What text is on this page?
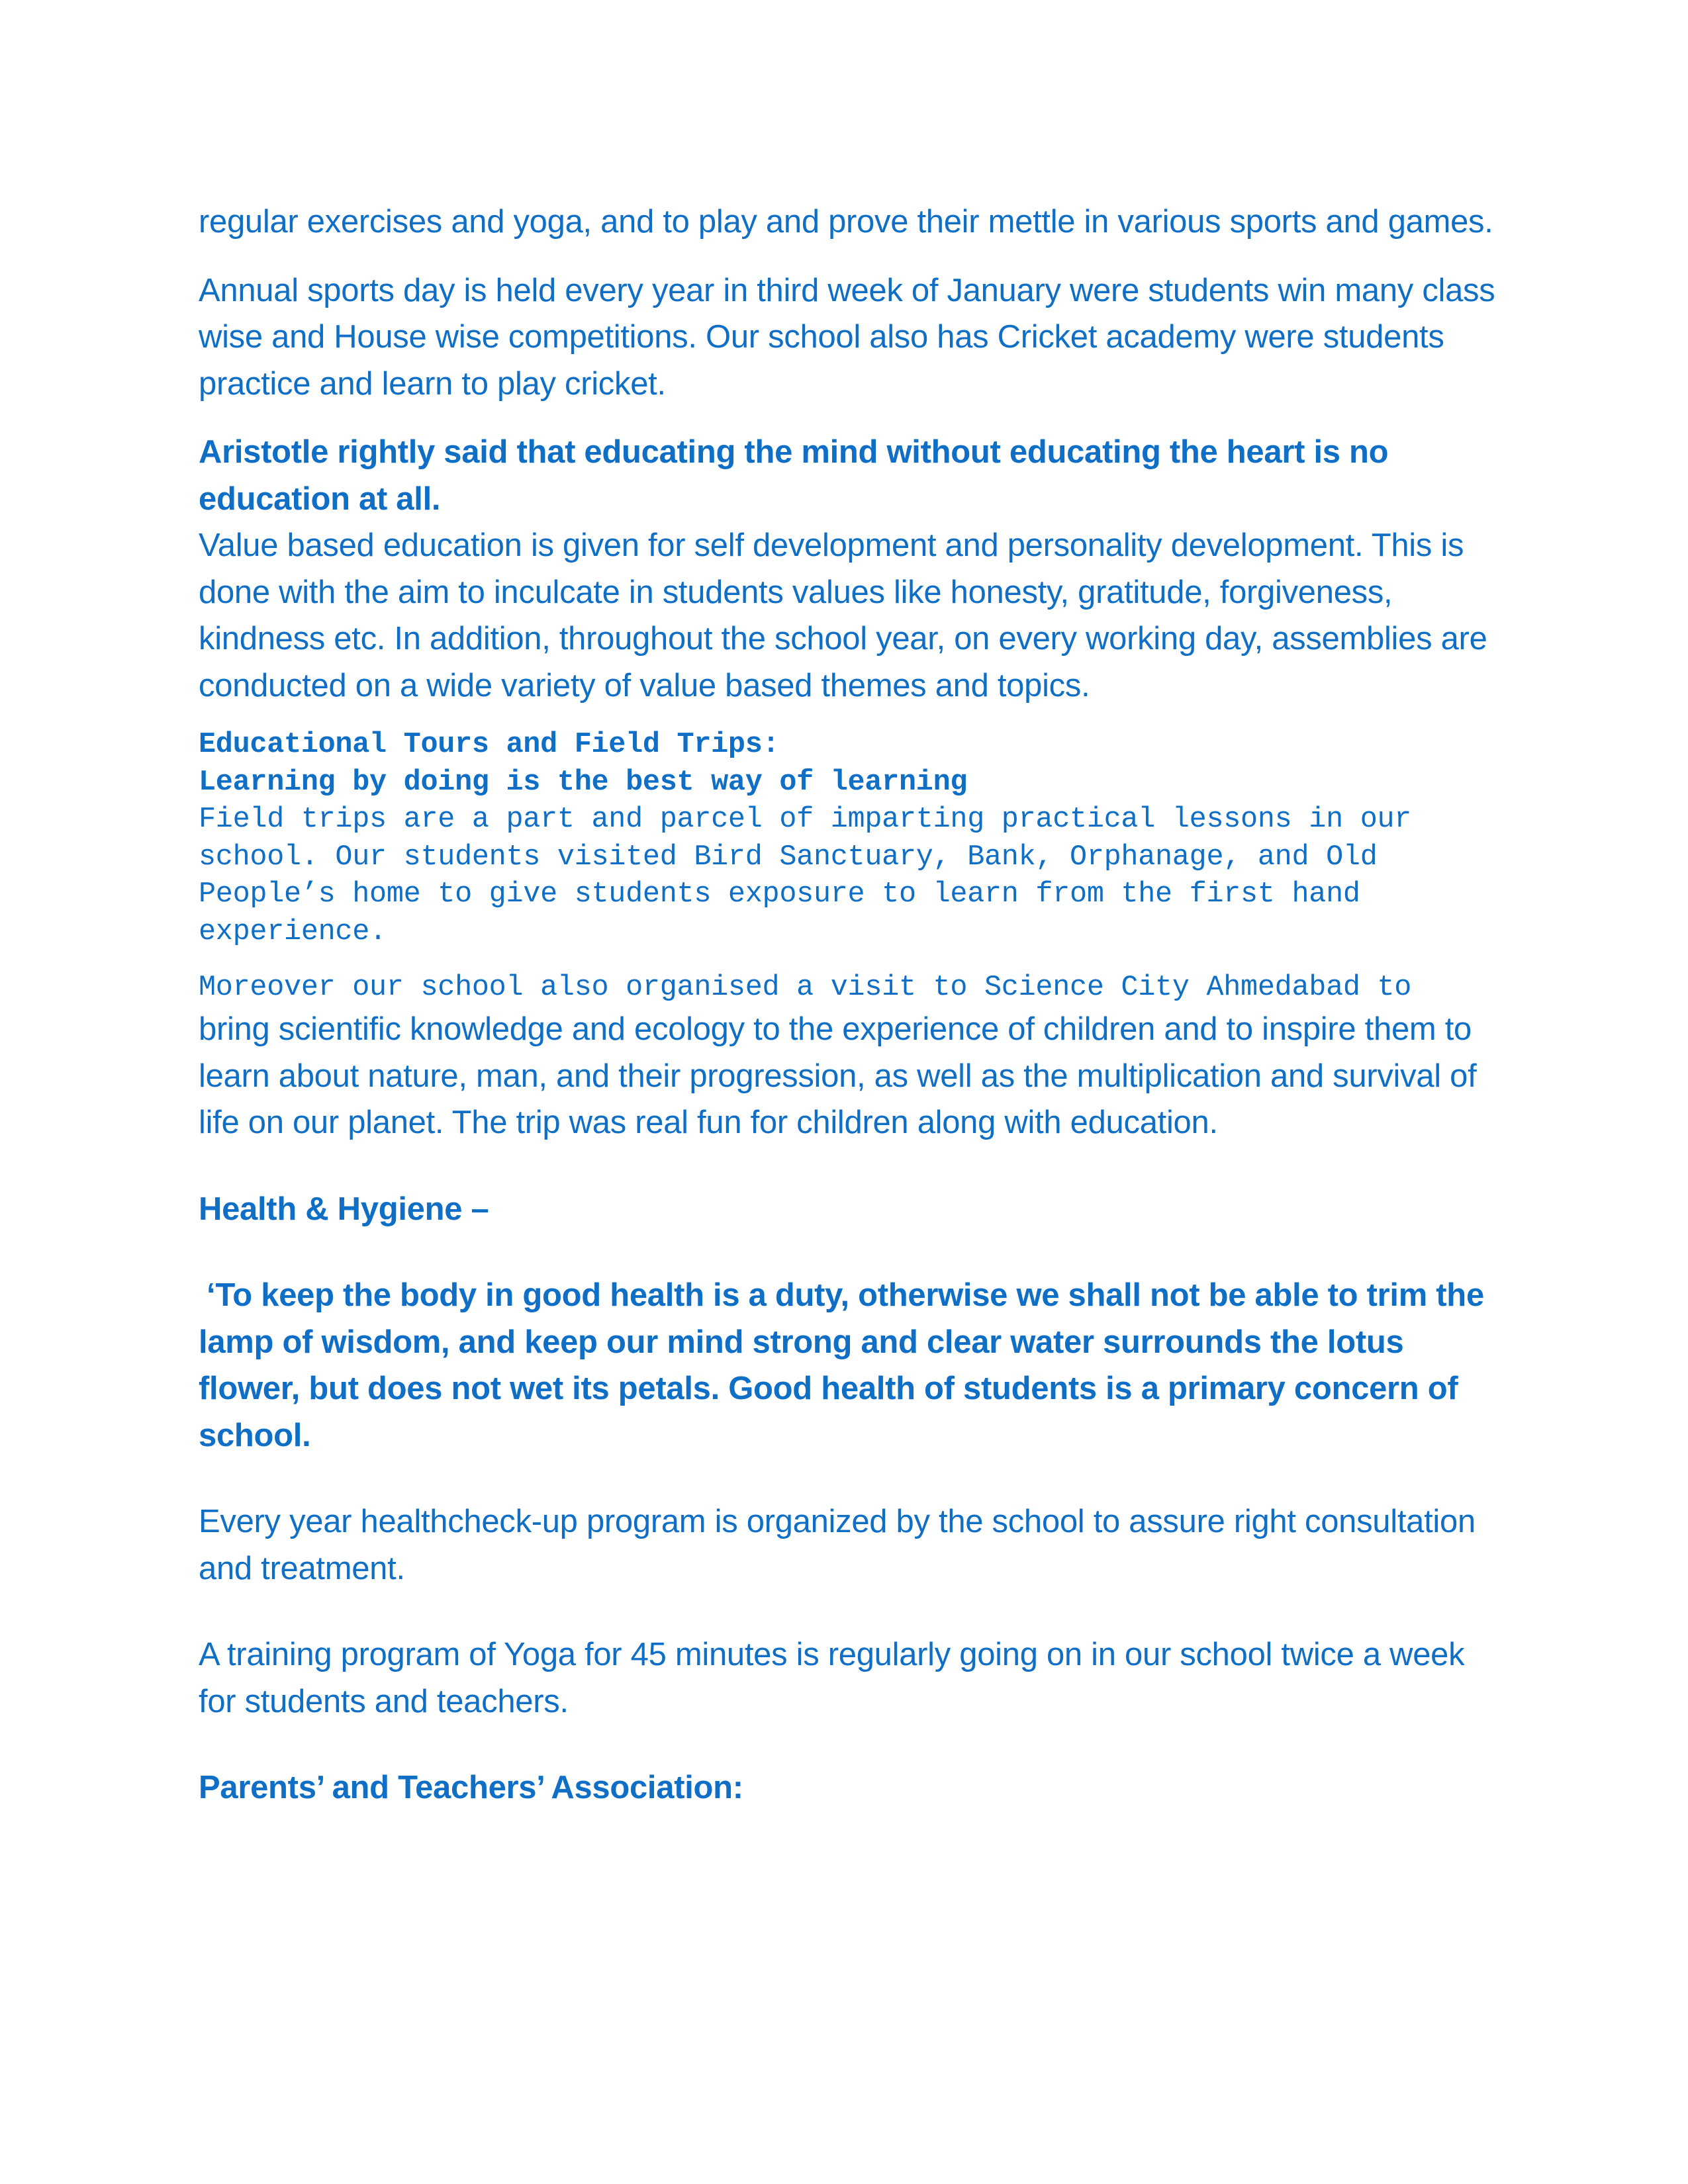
regular exercises and yoga, and to play and prove their mettle in various sports and games.

Annual sports day is held every year in third week of January were students win many class wise and House wise competitions. Our school also has Cricket academy were students practice and learn to play cricket.

Aristotle rightly said that educating the mind without educating the heart is no education at all.

Value based education is given for self development and personality development. This is done with the aim to inculcate in students values like honesty, gratitude, forgiveness, kindness etc. In addition, throughout the school year, on every working day, assemblies are conducted on a wide variety of value based themes and topics.

Educational Tours and Field Trips:

Learning by doing is the best way of learning

Field trips are a part and parcel of imparting practical lessons in our

school. Our students visited Bird Sanctuary, Bank, Orphanage, and Old

People’s home to give students exposure to learn from the first hand

experience.

Moreover our school also organised a visit to Science City Ahmedabad to

bring scientific knowledge and ecology to the experience of children and to inspire them to learn about nature, man, and their progression, as well as the multiplication and survival of life on our planet. The trip was real fun for children along with education.

Health & Hygiene –

‘To keep the body in good health is a duty, otherwise we shall not be able to trim the lamp of wisdom, and keep our mind strong and clear water surrounds the lotus flower, but does not wet its petals. Good health of students is a primary concern of school.

Every year healthcheck-up program is organized by the school to assure right consultation and treatment.

A training program of Yoga for 45 minutes is regularly going on in our school twice a week for students and teachers.

Parents’ and Teachers’ Association:
